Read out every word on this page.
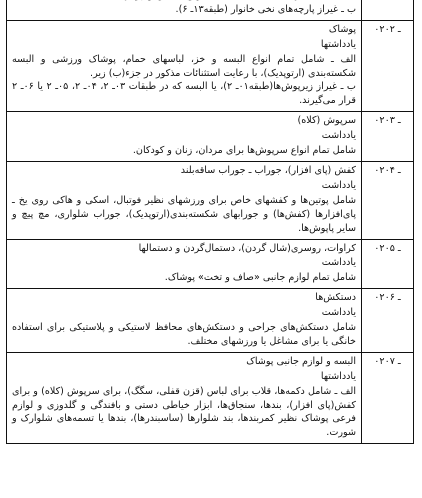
	ب ـ غیراز پارچه‌های نخی خانوار (طبقه۱۳ـ ۶).

۰۲ـ ۰۲	پوشاک
یادداشتها
الف ـ شامل تمام انواع البسه و خز، لباسهای حمام، پوشاک ورزشی و البسه شکسته‌بندی (ارتوپدیک)، با رعایت استثنائات مذکور در جزء(ب) زیر.
ب ـ غیراز زیرپوش‌ها(طبقه۰۱ـ ۲)، یا البسه که در طبقات ۰۳ـ ۲، ۰۴ـ ۲، ۰۵ـ ۲ یا ۰۶ـ ۲ قرار می‌گیرند.

۰۲ـ ۰۳	سرپوش (کلاه)
یادداشت
شامل تمام انواع سرپوش‌ها برای مردان، زنان و کودکان.

۰۲ـ ۰۴	کفش (پای افزار)، جوراب ـ جوراب ساقه‌بلند
یادداشت
شامل پوتین‌ها و کفشهای خاص برای ورزشهای نظیر فوتبال، اسکی و هاکی روی یخ ـ پای‌افزارها (کفش‌ها) و جورابهای شکسته‌بندی(ارتوپدیک)، جوراب شلواری، مچ پیچ و سایر پاپوش‌ها.

۰۲ـ ۰۵	کراوات، روسری(شال گردن)، دستمال‌گردن و دستمالها
یادداشت
شامل تمام لوازم جانبی «صاف و تخت» پوشاک.

۰۲ـ ۰۶	دستکش‌ها
یادداشت
شامل دستکش‌های جراحی و دستکش‌های محافظ لاستیکی و پلاستیکی برای استفاده خانگی یا برای مشاغل یا ورزشهای مختلف.

۰۲ـ ۰۷	البسه و لوازم جانبی پوشاک
یادداشتها
الف ـ شامل دکمه‌ها، قلاب برای لباس (قزن قفلی، سگگ)، برای سرپوش (کلاه) و برای کفش(پای افزار)، بندها، سنجاق‌ها، ابزار خیاطی دستی و بافندگی و گلدوزی و لوازم فرعی پوشاک نظیر کمربندها، بند شلوارها (ساسبندرها)، بندها یا تسمه‌های شلوارک و شورت.
